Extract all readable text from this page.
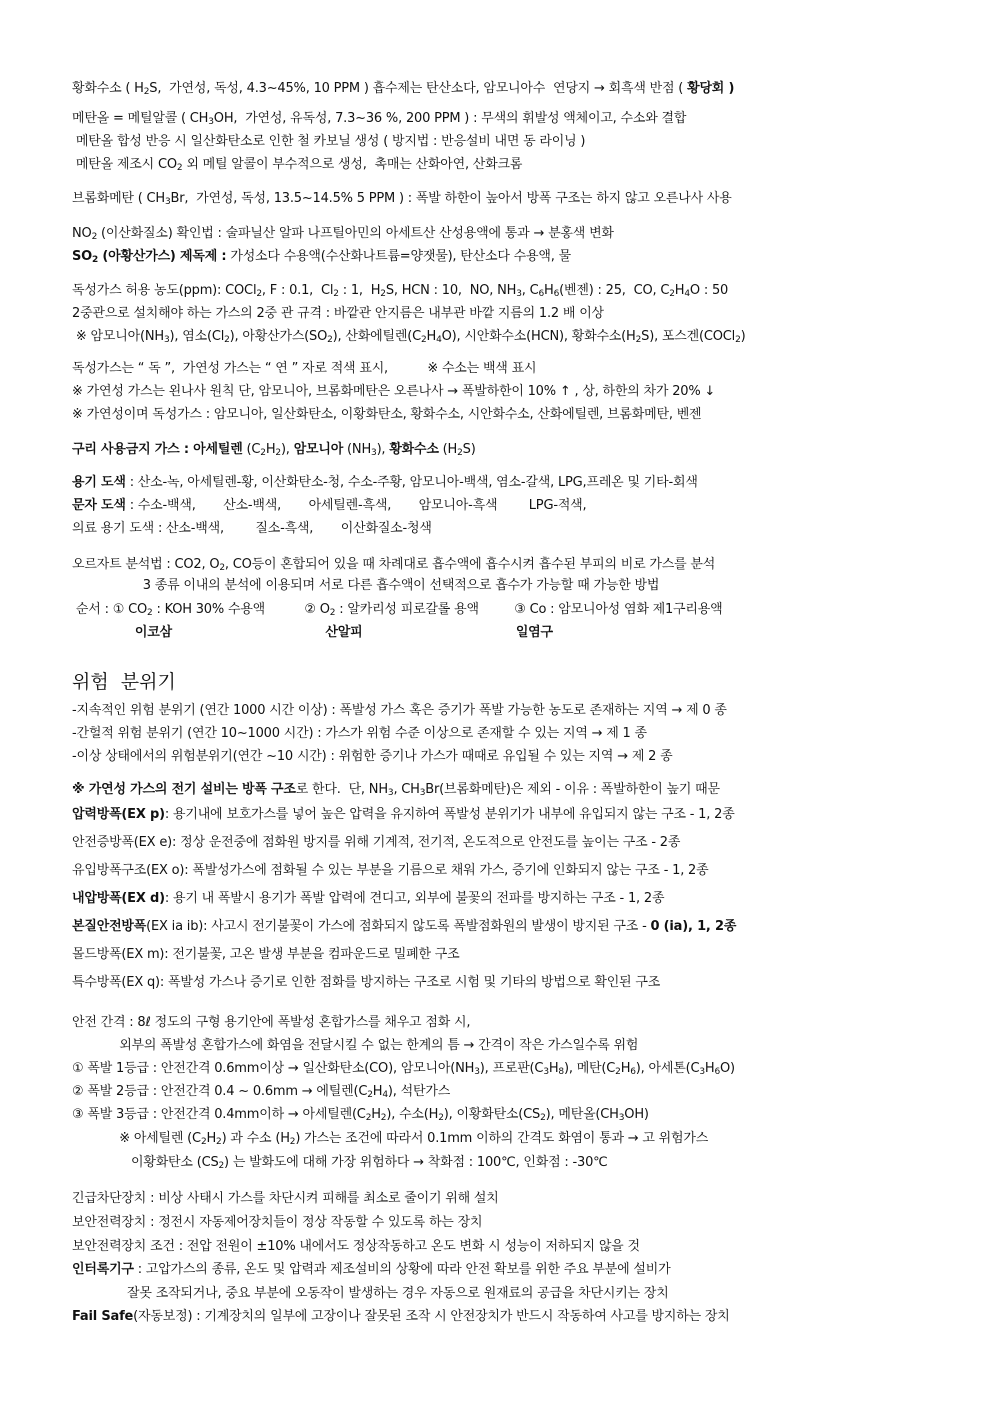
황화수소 ( $H_2S$,  가연성, 독성, 4.3~45%, 10 PPM ) 흡수제는 탄산소다, 암모니아수  연당지 → 회흑색 반점 ( 황당회 )
메탄올 = 메틸알콜 ( $CH_3OH$,  가연성, 유독성, 7.3~36 %, 200 PPM ) : 무색의 휘발성 액체이고, 수소와 결합
메탄올 합성 반응 시 일산화탄소로 인한 철 카보닐 생성 ( 방지법 : 반응설비 내면 동 라이닝 )
메탄올 제조시 $CO_2$ 외 메틸 알콜이 부수적으로 생성,  촉매는 산화아연, 산화크롬
브롬화메탄 ( $CH_3Br$,  가연성, 독성, 13.5~14.5% 5 PPM ) : 폭발 하한이 높아서 방폭 구조는 하지 않고 오른나사 사용
$NO_2$ (이산화질소) 확인법 : 술파닐산 알파 나프틸아민의 아세트산 산성용액에 통과 → 분홍색 변화
$SO_2$ (아황산가스) 제독제 : 가성소다 수용액(수산화나트륨=양잿물), 탄산소다 수용액, 물
독성가스 허용 농도(ppm): COCl$_2$, F : 0.1,  $Cl_2$ : 1,  $H_2S$, HCN : 10,  NO, $NH_3$, $C_6H_6$(벤젠) : 25,  CO, $C_2H_4O$ : 50
2중관으로 설치해야 하는 가스의 2중 관 규격 : 바깥관 안지름은 내부관 바깥 지름의 1.2 배 이상
※ 암모니아$(NH_3)$, 염소$(Cl_2)$, 아황산가스$(SO_2)$, 산화에틸렌$(C_2H_4O)$, 시안화수소(HCN), 황화수소$(H_2S)$, 포스겐(COCl$_2$)
독성가스는 “ 독 ”,  가연성 가스는 “ 연 ” 자로 적색 표시,          ※ 수소는 백색 표시
※ 가연성 가스는 왼나사 원칙 단, 암모니아, 브롬화메탄은 오른나사 → 폭발하한이 10% ↑ , 상, 하한의 차가 20% ↓
※ 가연성이며 독성가스 : 암모니아, 일산화탄소, 이황화탄소, 황화수소, 시안화수소, 산화에틸렌, 브롬화메탄, 벤젠
구리 사용금지 가스 : 아세틸렌 $(C_2H_2)$, 암모니아 $(NH_3)$, 황화수소 $(H_2S)$
용기 도색 : 산소-녹, 아세틸렌-황, 이산화탄소-청, 수소-주황, 암모니아-백색, 염소-갈색, LPG,프레온 및 기타-회색
문자 도색 : 수소-백색,       산소-백색,       아세틸렌-흑색,       암모니아-흑색        LPG-적색,
의료 용기 도색 : 산소-백색,        질소-흑색,       이산화질소-청색
오르자트 분석법 : CO2, $O_2$, CO등이 혼합되어 있을 때 차례대로 흡수액에 흡수시켜 흡수된 부피의 비로 가스를 분석
3 종류 이내의 분석에 이용되며 서로 다른 흡수액이 선택적으로 흡수가 가능할 때 가능한 방법
순서 : ① $CO_2$ : KOH 30% 수용액          ② $O_2$ : 알카리성 피로갈롤 용액         ③ Co : 암모니아성 염화 제1구리용액
이코삼	산알피	일염구
위험  분위기
-지속적인 위험 분위기 (연간 1000 시간 이상) : 폭발성 가스 혹은 증기가 폭발 가능한 농도로 존재하는 지역 → 제 0 종
-간헐적 위험 분위기 (연간 10~1000 시간) : 가스가 위험 수준 이상으로 존재할 수 있는 지역 → 제 1 종
-이상 상태에서의 위험분위기(연간 ~10 시간) : 위험한 증기나 가스가 때때로 유입될 수 있는 지역 → 제 2 종
※ 가연성 가스의 전기 설비는 방폭 구조로 한다.  단, $NH_3$, $CH_3Br$(브롬화메탄)은 제외 - 이유 : 폭발하한이 높기 때문
압력방폭(EX p): 용기내에 보호가스를 넣어 높은 압력을 유지하여 폭발성 분위기가 내부에 유입되지 않는 구조 - 1, 2종
안전증방폭(EX e): 정상 운전중에 점화원 방지를 위해 기계적, 전기적, 온도적으로 안전도를 높이는 구조 - 2종
유입방폭구조(EX o): 폭발성가스에 점화될 수 있는 부분을 기름으로 채워 가스, 증기에 인화되지 않는 구조 - 1, 2종
내압방폭(EX d): 용기 내 폭발시 용기가 폭발 압력에 견디고, 외부에 불꽃의 전파를 방지하는 구조 - 1, 2종
본질안전방폭(EX ia ib): 사고시 전기불꽃이 가스에 점화되지 않도록 폭발점화원의 발생이 방지된 구조 - 0 (ia), 1, 2종
몰드방폭(EX m): 전기불꽃, 고온 발생 부분을 컴파운드로 밀폐한 구조
특수방폭(EX q): 폭발성 가스나 증기로 인한 점화를 방지하는 구조로 시험 및 기타의 방법으로 확인된 구조
안전 간격 : 8ℓ 정도의 구형 용기안에 폭발성 혼합가스를 채우고 점화 시,
외부의 폭발성 혼합가스에 화염을 전달시킬 수 없는 한계의 틈 → 간격이 작은 가스일수록 위험
① 폭발 1등급 : 안전간격 0.6mm이상 → 일산화탄소(CO), 암모니아$(NH_3)$, 프로판$(C_3H_8)$, 메탄$(C_2H_6)$, 아세톤$(C_3H_6O)$
② 폭발 2등급 : 안전간격 0.4 ~ 0.6mm → 에틸렌$(C_2H_4)$, 석탄가스
③ 폭발 3등급 : 안전간격 0.4mm이하 → 아세틸렌$(C_2H_2)$, 수소$(H_2)$, 이황화탄소$(CS_2)$, 메탄올$(CH_3OH)$
※ 아세틸렌 $(C_2H_2)$ 과 수소 $(H_2)$ 가스는 조건에 따라서 0.1mm 이하의 간격도 화염이 통과 → 고 위험가스
이황화탄소 $(CS_2)$ 는 발화도에 대해 가장 위험하다 → 착화점 : 100℃, 인화점 : -30℃
긴급차단장치 : 비상 사태시 가스를 차단시켜 피해를 최소로 줄이기 위해 설치
보안전력장치 : 정전시 자동제어장치들이 정상 작동할 수 있도록 하는 장치
보안전력장치 조건 : 전압 전원이 ±10% 내에서도 정상작동하고 온도 변화 시 성능이 저하되지 않을 것
인터록기구 : 고압가스의 종류, 온도 및 압력과 제조설비의 상황에 따라 안전 확보를 위한 주요 부분에 설비가
잘못 조작되거나, 중요 부분에 오동작이 발생하는 경우 자동으로 원재료의 공급을 차단시키는 장치
Fail Safe(자동보정) : 기계장치의 일부에 고장이나 잘못된 조작 시 안전장치가 반드시 작동하여 사고를 방지하는 장치
